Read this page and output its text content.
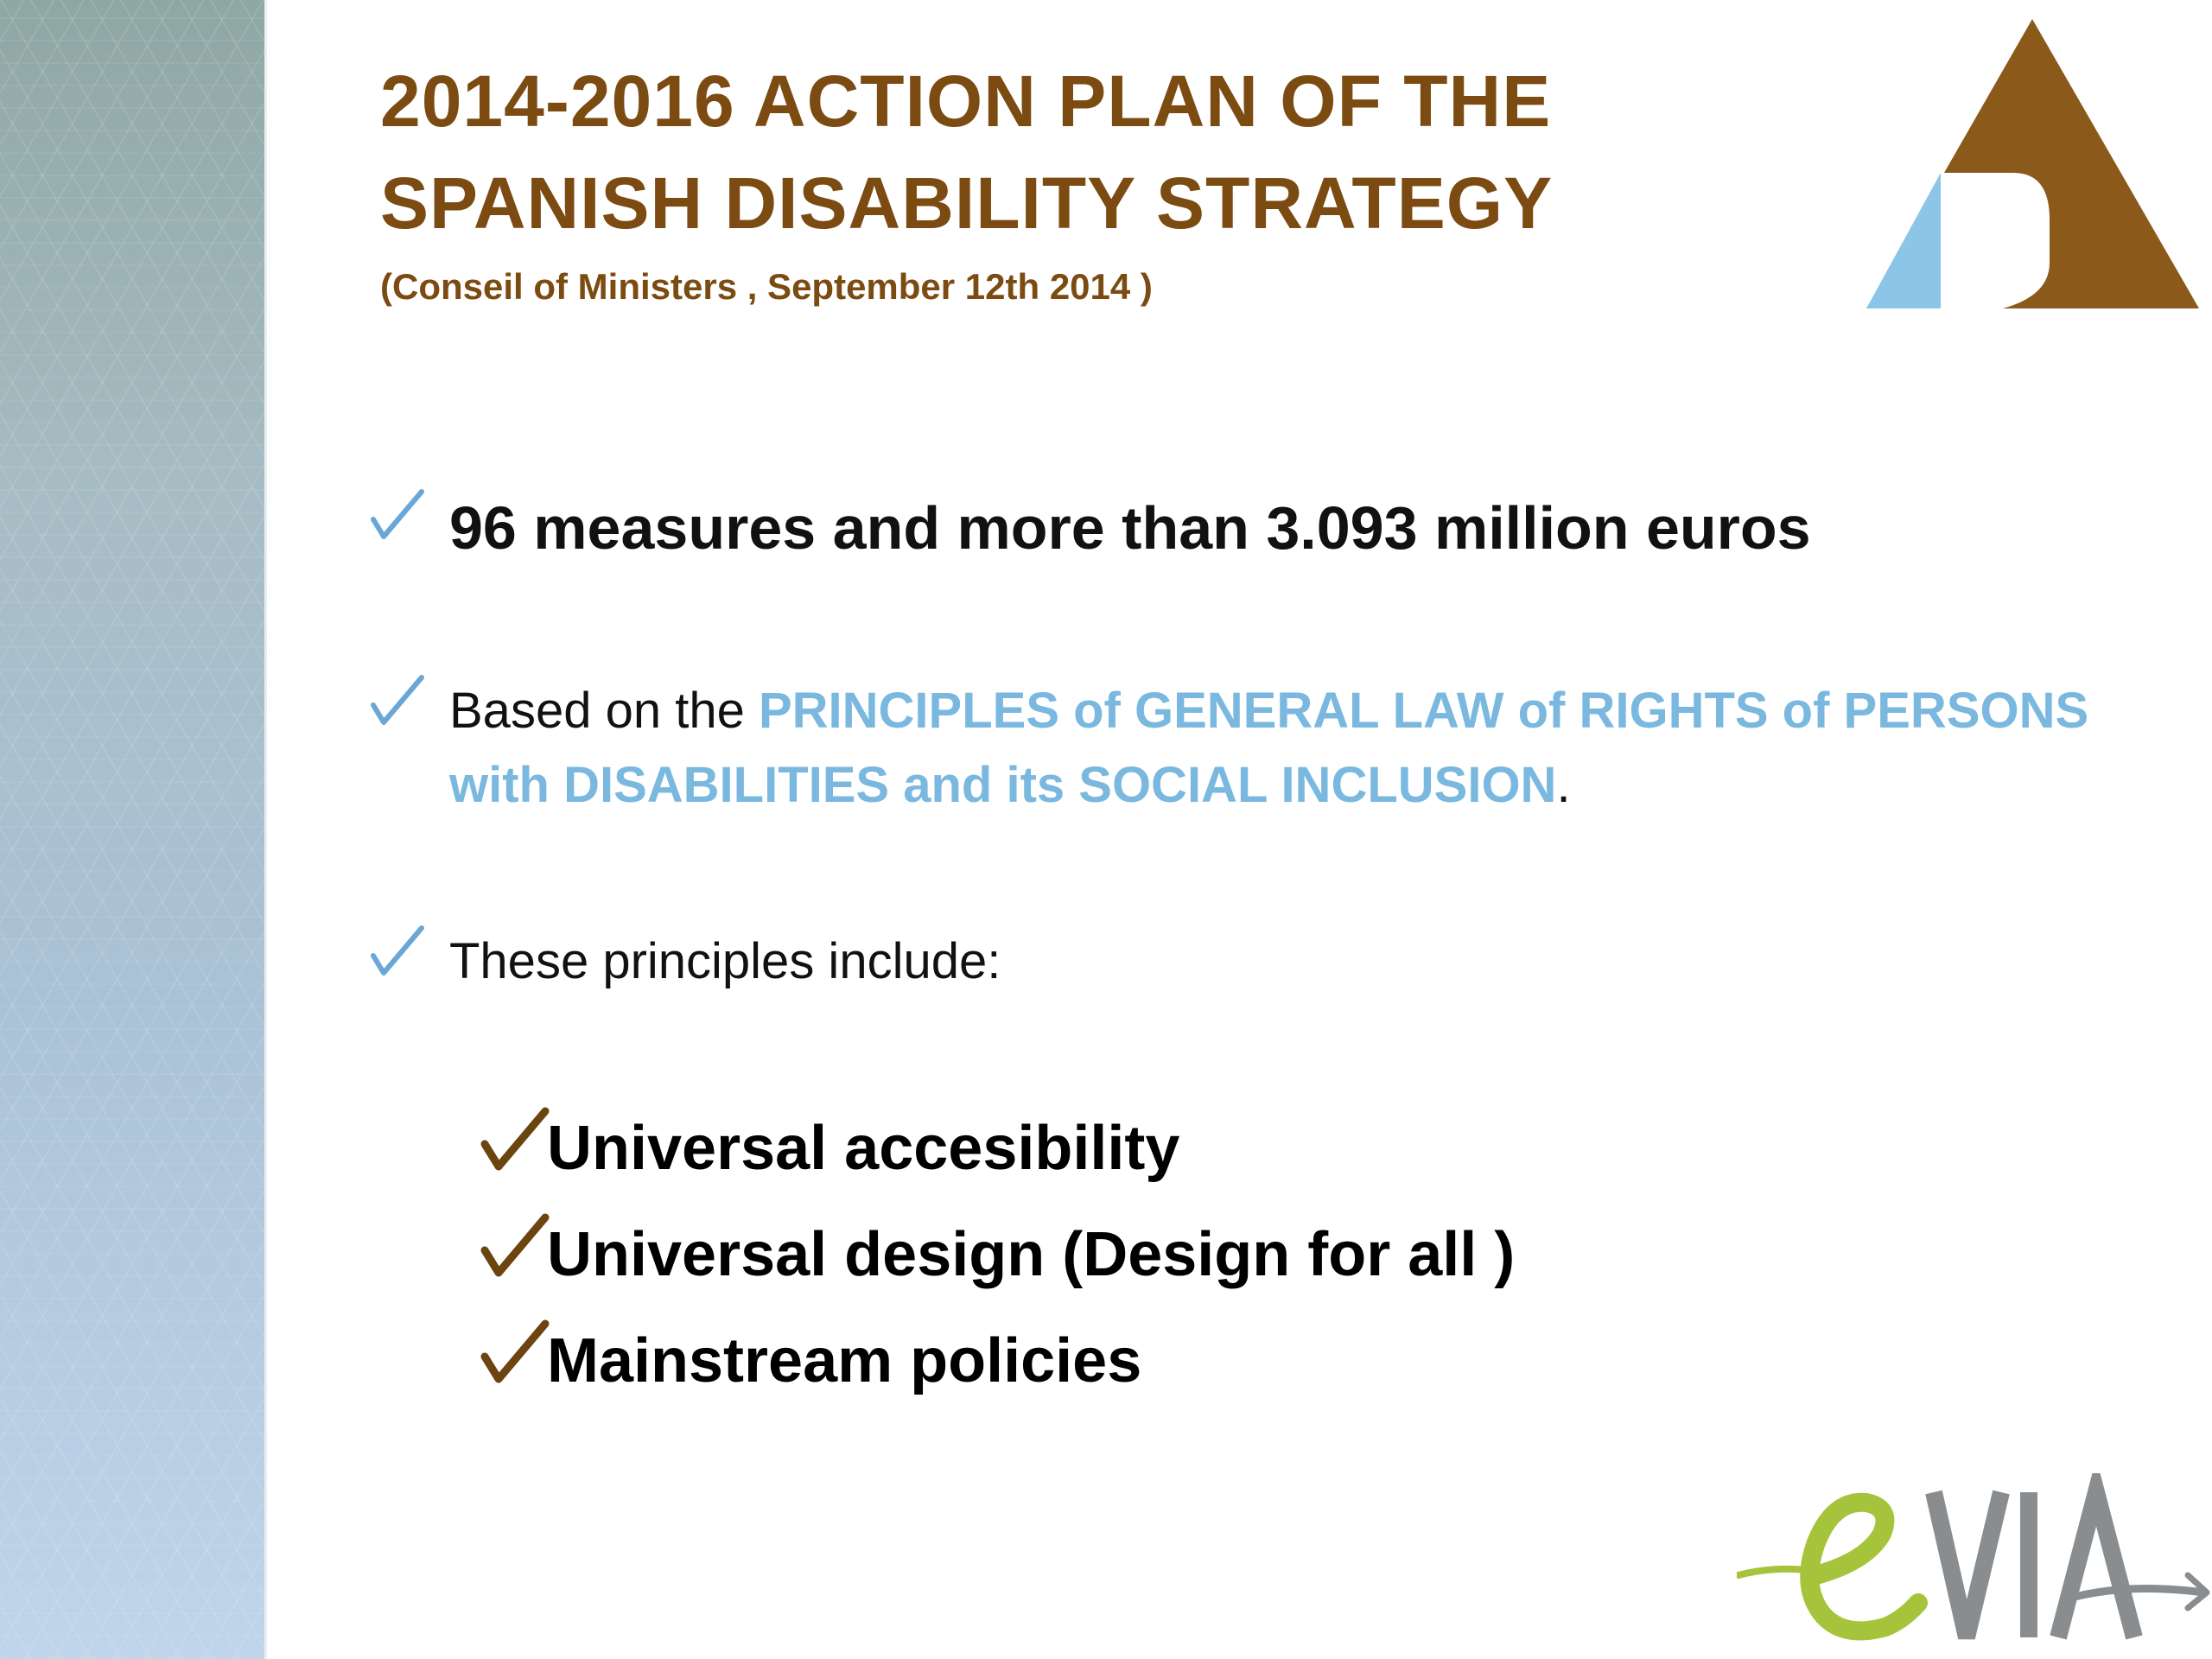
2014-2016 ACTION PLAN OF THE
SPANISH DISABILITY STRATEGY
(Conseil of Ministers , September 12th 2014 )
96 measures and more than 3.093 million euros
Based on the PRINCIPLES of GENERAL LAW of RIGHTS of PERSONS with DISABILITIES and its SOCIAL INCLUSION.
These principles include:
Universal accesibility
Universal design (Design for all )
Mainstream policies
